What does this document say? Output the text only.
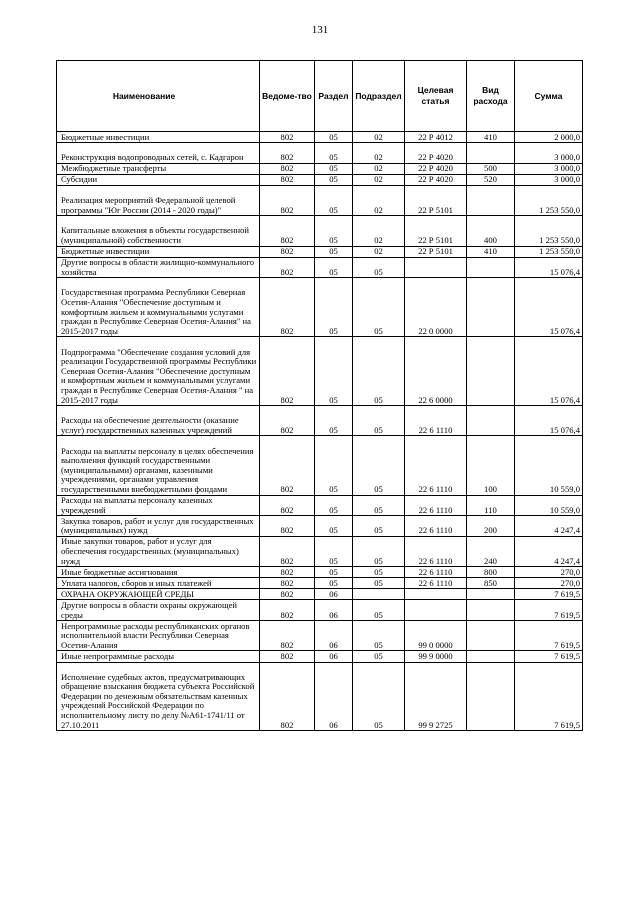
131
Наименование	Ведоме-тво	Раздел	Подраздел	Целевая статья	Вид расхода	Сумма
Бюджетные инвестиции	802	05	02	22 Р 4012	410	2 000,0
Реконструкция водопроводных сетей, с. Кадгарон	802	05	02	22 Р 4020		3 000,0
Межбюджетные трансферты	802	05	02	22 Р 4020	500	3 000,0
Субсидии	802	05	02	22 Р 4020	520	3 000,0
Реализация мероприятий Федеральной целевой программы "Юг России (2014 - 2020 годы)"	802	05	02	22 Р 5101		1 253 550,0
Капитальные вложения в объекты государственной (муниципальной) собственности	802	05	02	22 Р 5101	400	1 253 550,0
Бюджетные инвестиции	802	05	02	22 Р 5101	410	1 253 550,0
Другие вопросы в области жилищно-коммунального хозяйства	802	05	05			15 076,4
Государственная программа Республики Северная Осетия-Алания "Обеспечение доступным и комфортным жильем и коммунальными услугами граждан в Республике Северная Осетия-Алания" на 2015-2017 годы	802	05	05	22 0 0000		15 076,4
Подпрограмма "Обеспечение создания условий для реализации Государственной программы Республики Северная Осетия-Алания "Обеспечение доступным и комфортным жильем и коммунальными услугами граждан в Республике Северная Осетия-Алания " на 2015-2017 годы	802	05	05	22 6 0000		15 076,4
Расходы на обеспечение деятельности (оказание услуг) государственных казенных учреждений	802	05	05	22 6 1110		15 076,4
Расходы на выплаты персоналу в целях обеспечения выполнения функций государственными (муниципальными) органами, казенными учреждениями, органами управления государственными внебюджетными фондами	802	05	05	22 6 1110	100	10 559,0
Расходы на выплаты персоналу казенных учреждений	802	05	05	22 6 1110	110	10 559,0
Закупка товаров, работ и услуг для государственных (муниципальных) нужд	802	05	05	22 6 1110	200	4 247,4
Иные закупки товаров, работ и услуг для обеспечения государственных (муниципальных) нужд	802	05	05	22 6 1110	240	4 247,4
Иные бюджетные ассигнования	802	05	05	22 6 1110	800	270,0
Уплата налогов, сборов и иных платежей	802	05	05	22 6 1110	850	270,0
ОХРАНА ОКРУЖАЮЩЕЙ СРЕДЫ	802	06				7 619,5
Другие вопросы в области охраны окружающей среды	802	06	05			7 619,5
Непрограммные расходы республиканских органов исполнительной власти Республики Северная Осетия-Алания	802	06	05	99 0 0000		7 619,5
Иные непрограммные расходы	802	06	05	99 9 0000		7 619,5
Исполнение судебных актов, предусматривающих обращение взыскания бюджета субъекта Российской Федерации по денежным обязательствам казенных учреждений Российской Федерации по исполнительному листу по делу №А61-1741/11 от 27.10.2011	802	06	05	99 9 2725		7 619,5
